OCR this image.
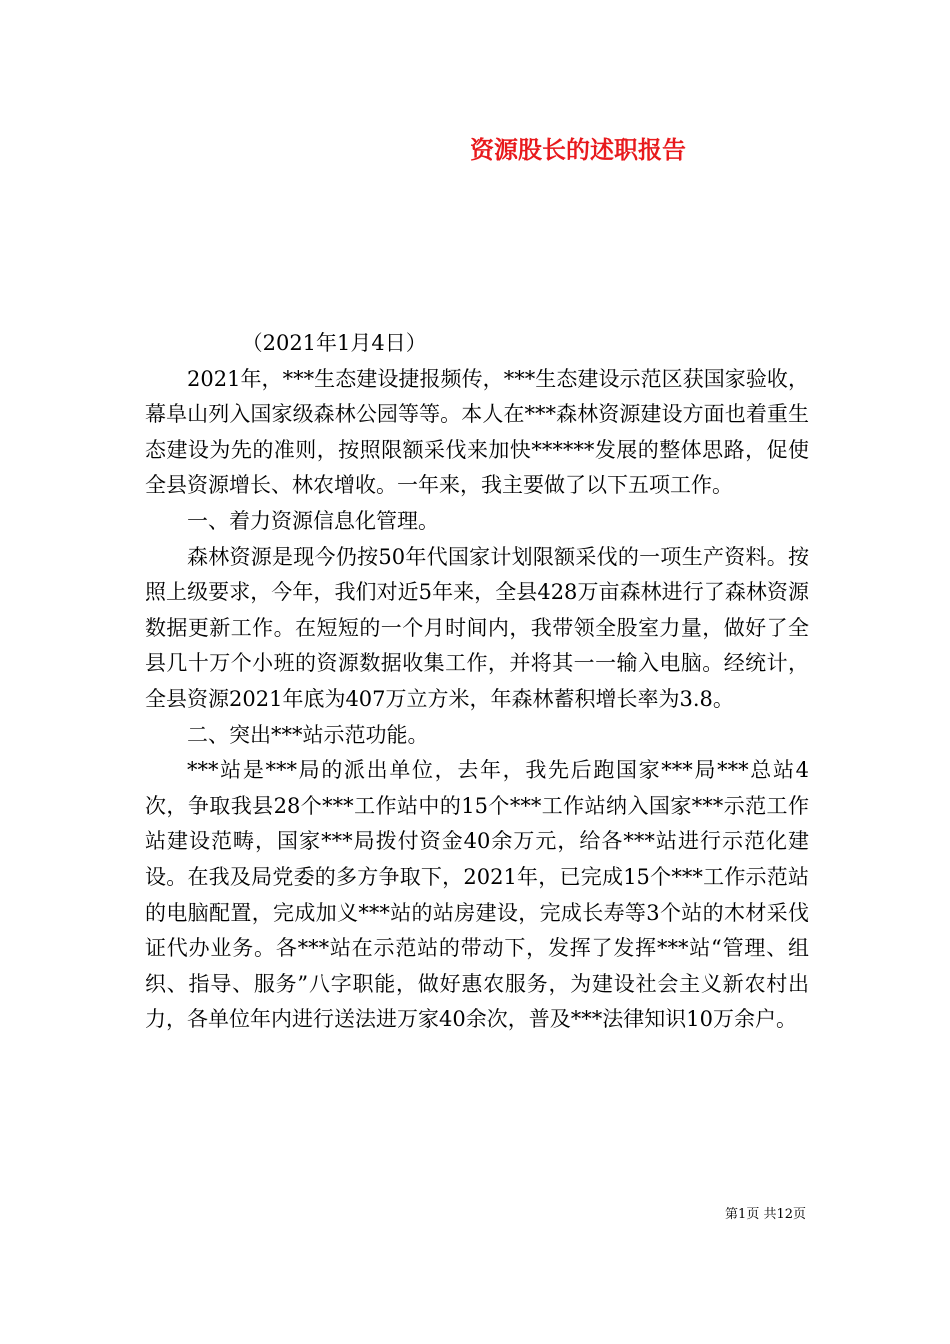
资源股长的述职报告

（2021年1月4日）

2021年，***生态建设捷报频传，***生态建设示范区获国家验收，幕阜山列入国家级森林公园等等。本人在***森林资源建设方面也着重生态建设为先的准则，按照限额采伐来加快******发展的整体思路，促使全县资源增长、林农增收。一年来，我主要做了以下五项工作。

一、着力资源信息化管理。

森林资源是现今仍按50年代国家计划限额采伐的一项生产资料。按照上级要求，今年，我们对近5年来，全县428万亩森林进行了森林资源数据更新工作。在短短的一个月时间内，我带领全股室力量，做好了全县几十万个小班的资源数据收集工作，并将其一一输入电脑。经统计，全县资源2021年底为407万立方米，年森林蓄积增长率为3.8。

二、突出***站示范功能。

***站是***局的派出单位，去年，我先后跑国家***局***总站4次，争取我县28个***工作站中的15个***工作站纳入国家***示范工作站建设范畴，国家***局拨付资金40余万元，给各***站进行示范化建设。在我及局党委的多方争取下，2021年，已完成15个***工作示范站的电脑配置，完成加义***站的站房建设，完成长寿等3个站的木材采伐证代办业务。各***站在示范站的带动下，发挥了发挥***站“管理、组织、指导、服务”八字职能，做好惠农服务，为建设社会主义新农村出力，各单位年内进行送法进万家40余次，普及***法律知识10万余户。

第1页 共12页
